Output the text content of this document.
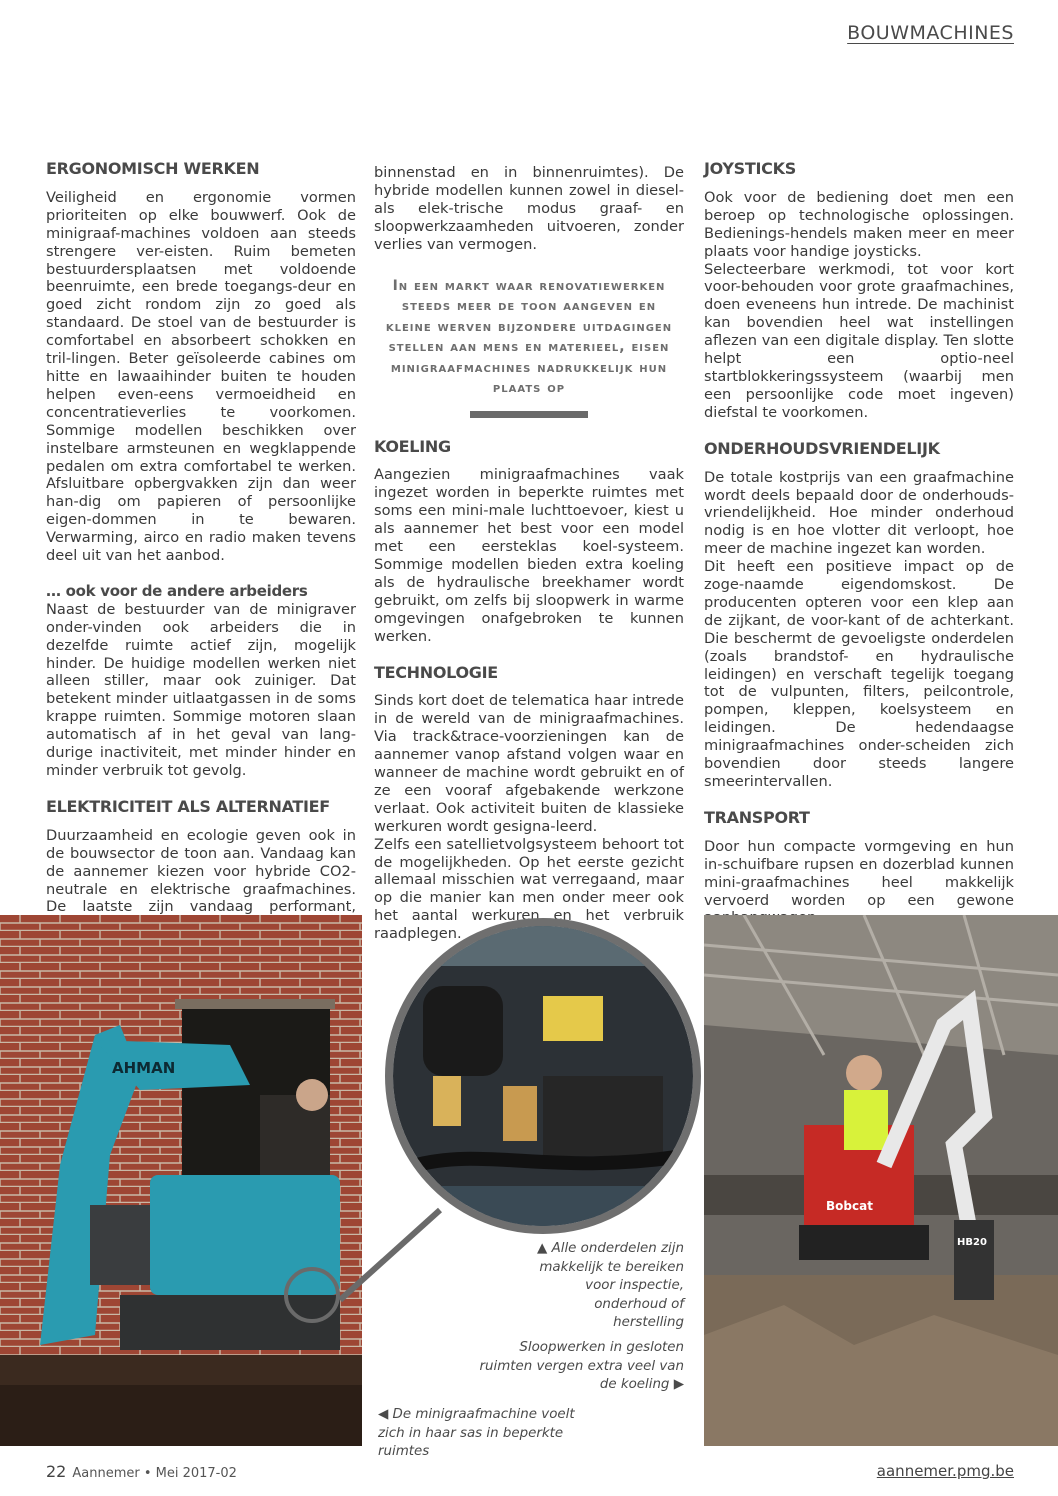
BOUWMACHINES
ERGONOMISCH WERKEN

Veiligheid en ergonomie vormen prioriteiten op elke bouwwerf. Ook de minigraaf-machines voldoen aan steeds strengere ver-eisten. Ruim bemeten bestuurdersplaatsen met voldoende beenruimte, een brede toegangs-deur en goed zicht rondom zijn zo goed als standaard. De stoel van de bestuurder is comfortabel en absorbeert schokken en tril-lingen. Beter geïsoleerde cabines om hitte en lawaaihinder buiten te houden helpen even-eens vermoeidheid en concentratieverlies te voorkomen. Sommige modellen beschikken over instelbare armsteunen en wegklappende pedalen om extra comfortabel te werken. Afsluitbare opbergvakken zijn dan weer han-dig om papieren of persoonlijke eigen-dommen in te bewaren. Verwarming, airco en radio maken tevens deel uit van het aanbod.

… ook voor de andere arbeiders

Naast de bestuurder van de minigraver onder-vinden ook arbeiders die in dezelfde ruimte actief zijn, mogelijk hinder. De huidige modellen werken niet alleen stiller, maar ook zuiniger. Dat betekent minder uitlaatgassen in de soms krappe ruimten. Sommige motoren slaan automatisch af in het geval van lang-durige inactiviteit, met minder hinder en minder verbruik tot gevolg.

ELEKTRICITEIT ALS ALTERNATIEF

Duurzaamheid en ecologie geven ook in de bouwsector de toon aan. Vandaag kan de aannemer kiezen voor hybride CO2-neutrale en elektrische graafmachines. De laatste zijn vandaag performant,

binnenstad en in binnenruimtes). De hybride modellen kunnen zowel in diesel- als elek-trische modus graaf- en sloopwerkzaamheden uitvoeren, zonder verlies van vermogen.

In een markt waar renovatiewerken steeds meer de toon aangeven en kleine werven bijzondere uitdagingen stellen aan mens en materieel, eisen minigraafmachines nadrukkelijk hun plaats op
KOELING

Aangezien minigraafmachines vaak ingezet worden in beperkte ruimtes met soms een mini-male luchttoevoer, kiest u als aannemer het best voor een model met een eersteklas koel-systeem. Sommige modellen bieden extra koeling als de hydraulische breekhamer wordt gebruikt, om zelfs bij sloopwerk in warme omgevingen onafgebroken te kunnen werken.

TECHNOLOGIE

Sinds kort doet de telematica haar intrede in de wereld van de minigraafmachines. Via track&trace-voorzieningen kan de aannemer vanop afstand volgen waar en wanneer de machine wordt gebruikt en of ze een vooraf afgebakende werkzone verlaat. Ook activiteit buiten de klassieke werkuren wordt gesigna-leerd.

Zelfs een satellietvolgsysteem behoort tot de mogelijkheden. Op het eerste gezicht allemaal misschien wat verregaand, maar op die manier kan men onder meer ook het aantal werkuren en het verbruik raadplegen.

JOYSTICKS

Ook voor de bediening doet men een beroep op technologische oplossingen. Bedienings-hendels maken meer en meer plaats voor handige joysticks.

Selecteerbare werkmodi, tot voor kort voor-behouden voor grote graafmachines, doen eveneens hun intrede. De machinist kan bovendien heel wat instellingen aflezen van een digitale display. Ten slotte helpt een optio-neel startblokkeringssysteem (waarbij men een persoonlijke code moet ingeven) diefstal te voorkomen.

ONDERHOUDSVRIENDELIJK

De totale kostprijs van een graafmachine wordt deels bepaald door de onderhouds-vriendelijkheid. Hoe minder onderhoud nodig is en hoe vlotter dit verloopt, hoe meer de machine ingezet kan worden.

Dit heeft een positieve impact op de zoge-naamde eigendomskost. De producenten opteren voor een klep aan de zijkant, de voor-kant of de achterkant. Die beschermt de gevoeligste onderdelen (zoals brandstof- en hydraulische leidingen) en verschaft tegelijk toegang tot de vulpunten, filters, peilcontrole, pompen, kleppen, koelsysteem en leidingen. De hedendaagse minigraafmachines onder-scheiden zich bovendien door steeds langere smeerintervallen.

TRANSPORT

Door hun compacte vormgeving en hun in-schuifbare rupsen en dozerblad kunnen mini-graafmachines heel makkelijk vervoerd worden op een gewone

AHMAN
Bobcat
HB20
▲ Alle onderdelen zijn makkelijk te bereiken voor inspectie, onderhoud of herstelling
Sloopwerken in gesloten ruimten vergen extra veel van de koeling ▶
◀ De minigraafmachine voelt zich in haar sas in beperkte ruimtes
22 Aannemer • Mei 2017-02	aannemer.pmg.be
